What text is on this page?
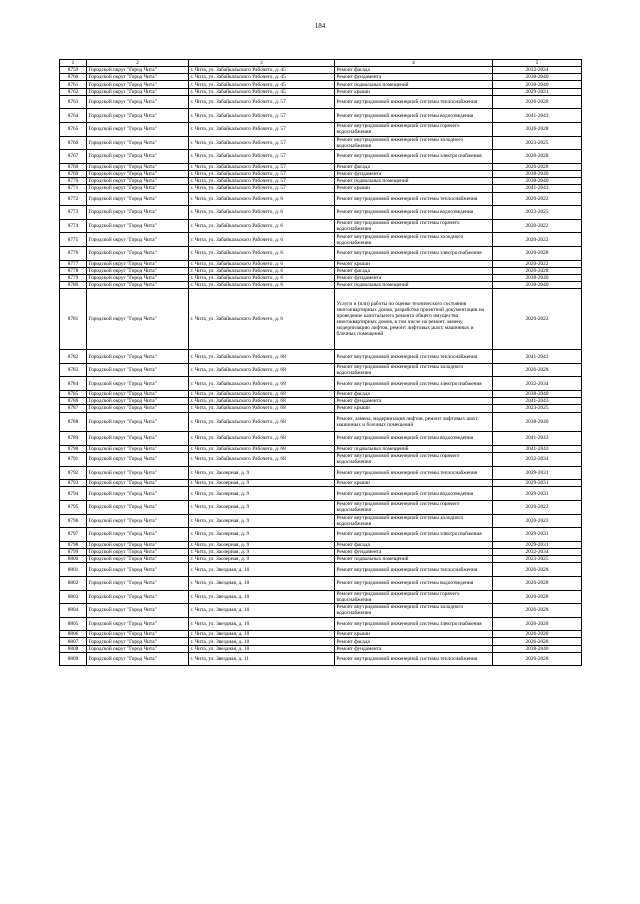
184
1	2	3	4	5
8759	Городской округ "Город Чита"	г. Чита, ул. Забайкальского Рабочего, д. 45	Ремонт фасада	2032-2034
8760	Городской округ "Город Чита"	г. Чита, ул. Забайкальского Рабочего, д. 45	Ремонт фундамента	2038-2040
8761	Городской округ "Город Чита"	г. Чита, ул. Забайкальского Рабочего, д. 45	Ремонт подвальных помещений	2038-2040
8762	Городской округ "Город Чита"	г. Чита, ул. Забайкальского Рабочего, д. 45	Ремонт крыши	2029-2031
8763	Городской округ "Город Чита"	г. Чита, ул. Забайкальского Рабочего, д. 57	Ремонт внутридомовой инженерной системы теплоснабжения	2026-2028
8764	Городской округ "Город Чита"	г. Чита, ул. Забайкальского Рабочего, д. 57	Ремонт внутридомовой инженерной системы водоотведения	2041-2043
8765	Городской округ "Город Чита"	г. Чита, ул. Забайкальского Рабочего, д. 57	Ремонт внутридомовой инженерной системы горячего водоснабжения	2026-2028
8766	Городской округ "Город Чита"	г. Чита, ул. Забайкальского Рабочего, д. 57	Ремонт внутридомовой инженерной системы холодного водоснабжения	2023-2025
8767	Городской округ "Город Чита"	г. Чита, ул. Забайкальского Рабочего, д. 57	Ремонт внутридомовой инженерной системы электроснабжения	2026-2028
8768	Городской округ "Город Чита"	г. Чита, ул. Забайкальского Рабочего, д. 57	Ремонт фасада	2026-2028
8769	Городской округ "Город Чита"	г. Чита, ул. Забайкальского Рабочего, д. 57	Ремонт фундамента	2038-2040
8770	Городской округ "Город Чита"	г. Чита, ул. Забайкальского Рабочего, д. 57	Ремонт подвальных помещений	2038-2040
8771	Городской округ "Город Чита"	г. Чита, ул. Забайкальского Рабочего, д. 57	Ремонт крыши	2041-2043
8772	Городской округ "Город Чита"	г. Чита, ул. Забайкальского Рабочего, д. 6	Ремонт внутридомовой инженерной системы теплоснабжения	2020-2022
8773	Городской округ "Город Чита"	г. Чита, ул. Забайкальского Рабочего, д. 6	Ремонт внутридомовой инженерной системы водоотведения	2023-2025
8774	Городской округ "Город Чита"	г. Чита, ул. Забайкальского Рабочего, д. 6	Ремонт внутридомовой инженерной системы горячего водоснабжения	2020-2022
8775	Городской округ "Город Чита"	г. Чита, ул. Забайкальского Рабочего, д. 6	Ремонт внутридомовой инженерной системы холодного водоснабжения	2020-2022
8776	Городской округ "Город Чита"	г. Чита, ул. Забайкальского Рабочего, д. 6	Ремонт внутридомовой инженерной системы электроснабжения	2026-2028
8777	Городской округ "Город Чита"	г. Чита, ул. Забайкальского Рабочего, д. 6	Ремонт крыши	2020-2022
8778	Городской округ "Город Чита"	г. Чита, ул. Забайкальского Рабочего, д. 6	Ремонт фасада	2026-2028
8779	Городской округ "Город Чита"	г. Чита, ул. Забайкальского Рабочего, д. 6	Ремонт фундамента	2038-2040
8780	Городской округ "Город Чита"	г. Чита, ул. Забайкальского Рабочего, д. 6	Ремонт подвальных помещений	2038-2040
8781	Городской округ "Город Чита"	г. Чита, ул. Забайкальского Рабочего, д. 6	Услуги и (или) работы по оценке технического состояния многоквартирных домов, разработке проектной документации на проведение капитального ремонта общего имущества многоквартирных домов, в том числе на ремонт, замену, модернизацию лифтов, ремонт лифтовых шахт, машинных и блочных помещений	2020-2022
8782	Городской округ "Город Чита"	г. Чита, ул. Забайкальского Рабочего, д. 68	Ремонт внутридомовой инженерной системы теплоснабжения	2041-2043
8783	Городской округ "Город Чита"	г. Чита, ул. Забайкальского Рабочего, д. 68	Ремонт внутридомовой инженерной системы холодного водоснабжения	2026-2028
8784	Городской округ "Город Чита"	г. Чита, ул. Забайкальского Рабочего, д. 68	Ремонт внутридомовой инженерной системы электроснабжения	2032-2034
8785	Городской округ "Город Чита"	г. Чита, ул. Забайкальского Рабочего, д. 68	Ремонт фасада	2038-2040
8786	Городской округ "Город Чита"	г. Чита, ул. Забайкальского Рабочего, д. 68	Ремонт фундамента	2041-2043
8787	Городской округ "Город Чита"	г. Чита, ул. Забайкальского Рабочего, д. 68	Ремонт крыши	2023-2025
8788	Городской округ "Город Чита"	г. Чита, ул. Забайкальского Рабочего, д. 68	Ремонт, замена, модернизация лифтов, ремонт лифтовых шахт, машинных и блочных помещений	2038-2040
8789	Городской округ "Город Чита"	г. Чита, ул. Забайкальского Рабочего, д. 68	Ремонт внутридомовой инженерной системы водоотведения	2041-2043
8790	Городской округ "Город Чита"	г. Чита, ул. Забайкальского Рабочего, д. 68	Ремонт подвальных помещений	2041-2043
8791	Городской округ "Город Чита"	г. Чита, ул. Забайкальского Рабочего, д. 68	Ремонт внутридомовой инженерной системы горячего водоснабжения	2032-2034
8792	Городской округ "Город Чита"	г. Чита, ул. Заозерная, д. 9	Ремонт внутридомовой инженерной системы теплоснабжения	2029-2031
8793	Городской округ "Город Чита"	г. Чита, ул. Заозерная, д. 9	Ремонт крыши	2029-2031
8794	Городской округ "Город Чита"	г. Чита, ул. Заозерная, д. 9	Ремонт внутридомовой инженерной системы водоотведения	2029-2031
8795	Городской округ "Город Чита"	г. Чита, ул. Заозерная, д. 9	Ремонт внутридомовой инженерной системы горячего водоснабжения	2020-2022
8796	Городской округ "Город Чита"	г. Чита, ул. Заозерная, д. 9	Ремонт внутридомовой инженерной системы холодного водоснабжения	2020-2022
8797	Городской округ "Город Чита"	г. Чита, ул. Заозерная, д. 9	Ремонт внутридомовой инженерной системы электроснабжения	2029-2031
8798	Городской округ "Город Чита"	г. Чита, ул. Заозерная, д. 9	Ремонт фасада	2029-2031
8799	Городской округ "Город Чита"	г. Чита, ул. Заозерная, д. 9	Ремонт фундамента	2032-2034
8800	Городской округ "Город Чита"	г. Чита, ул. Заозерная, д. 9	Ремонт подвальных помещений	2023-2025
8801	Городской округ "Город Чита"	г. Чита, ул. Звездная, д. 10	Ремонт внутридомовой инженерной системы теплоснабжения	2026-2028
8802	Городской округ "Город Чита"	г. Чита, ул. Звездная, д. 10	Ремонт внутридомовой инженерной системы водоотведения	2026-2028
8803	Городской округ "Город Чита"	г. Чита, ул. Звездная, д. 10	Ремонт внутридомовой инженерной системы горячего водоснабжения	2026-2028
8804	Городской округ "Город Чита"	г. Чита, ул. Звездная, д. 10	Ремонт внутридомовой инженерной системы холодного водоснабжения	2026-2028
8805	Городской округ "Город Чита"	г. Чита, ул. Звездная, д. 10	Ремонт внутридомовой инженерной системы электроснабжения	2026-2028
8806	Городской округ "Город Чита"	г. Чита, ул. Звездная, д. 10	Ремонт крыши	2026-2028
8807	Городской округ "Город Чита"	г. Чита, ул. Звездная, д. 10	Ремонт фасада	2026-2028
8808	Городской округ "Город Чита"	г. Чита, ул. Звездная, д. 10	Ремонт фундамента	2038-2040
8809	Городской округ "Город Чита"	г. Чита, ул. Звездная, д. 11	Ремонт внутридомовой инженерной системы теплоснабжения	2026-2028
